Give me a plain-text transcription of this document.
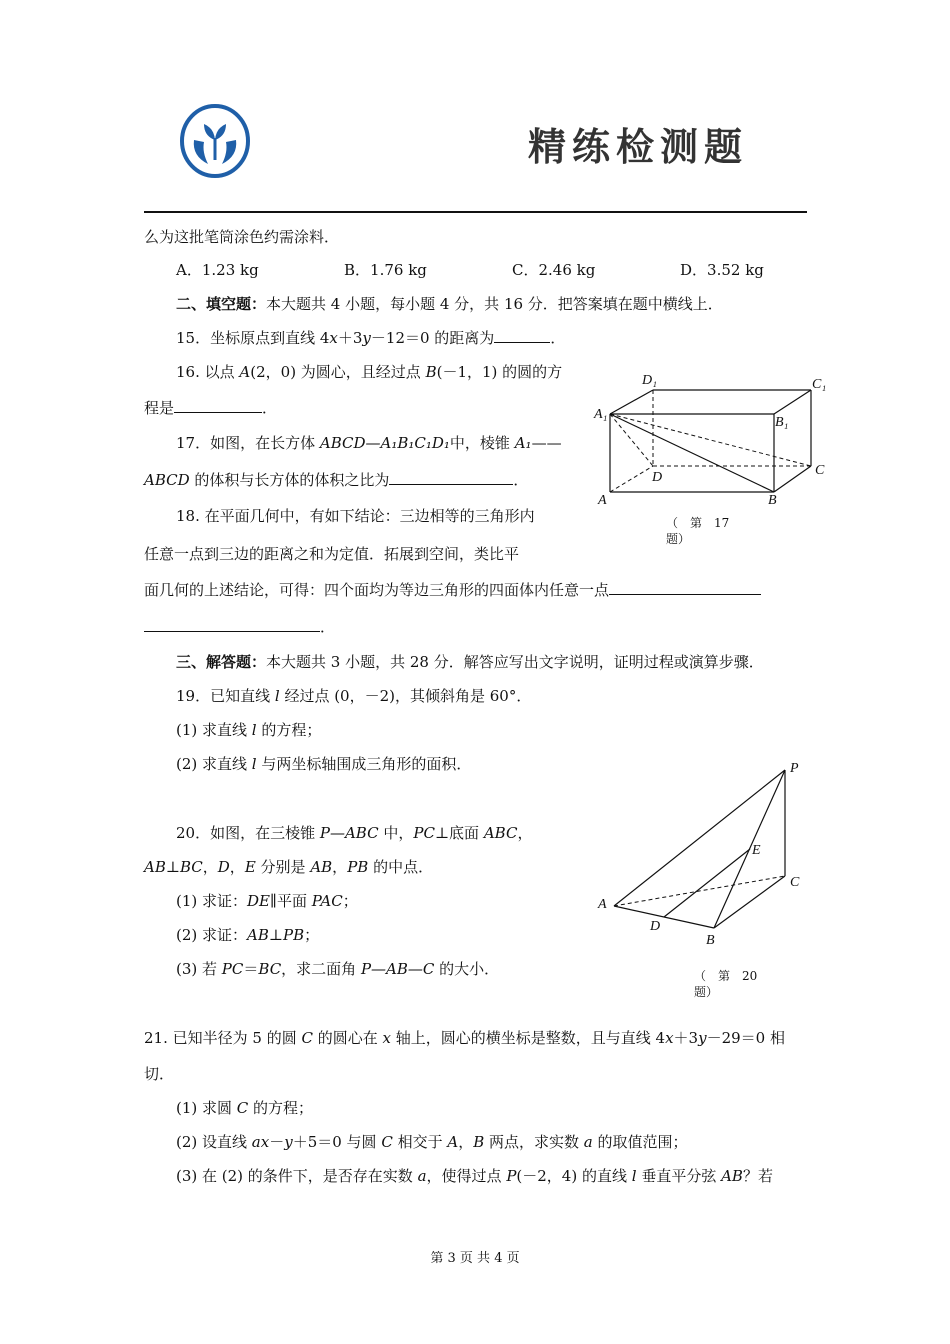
精练检测题
么为这批笔筒涂色约需涂料．
A．1.23 kg	B．1.76 kg	C．2.46 kg	D．3.52 kg
二、填空题：本大题共 4 小题，每小题 4 分，共 16 分．把答案填在题中横线上．
15．坐标原点到直线 4x＋3y－12＝0 的距离为	．
16. 以点 A(2，0) 为圆心，且经过点 B(－1，1) 的圆的方
程是	．
17．如图，在长方体 ABCD—A₁B₁C₁D₁中，棱锥 A₁——
ABCD 的体积与长方体的体积之比为	．
18. 在平面几何中，有如下结论：三边相等的三角形内
任意一点到三边的距离之和为定值．拓展到空间，类比平
面几何的上述结论，可得：四个面均为等边三角形的四面体内任意一点
．
D₁	C₁
A₁
B₁
D	C
A	B
（　第　17
题）
三、解答题：本大题共 3 小题，共 28 分．解答应写出文字说明，证明过程或演算步骤．
19．已知直线 l 经过点 (0，－2)，其倾斜角是 60°．
(1) 求直线 l 的方程；
(2) 求直线 l 与两坐标轴围成三角形的面积．
20．如图，在三棱锥 P—ABC 中，PC⊥底面 ABC，
AB⊥BC，D，E 分别是 AB，PB 的中点．
(1) 求证：DE∥平面 PAC；
(2) 求证：AB⊥PB；
(3) 若 PC＝BC，求二面角 P—AB—C 的大小．
P
E
C
A
D
B
（　第　20
题）
21. 已知半径为 5 的圆 C 的圆心在 x 轴上，圆心的横坐标是整数，且与直线 4x＋3y－29＝0 相
切．
(1) 求圆 C 的方程；
(2) 设直线 ax－y＋5＝0 与圆 C 相交于 A，B 两点，求实数 a 的取值范围；
(3) 在 (2) 的条件下，是否存在实数 a，使得过点 P(－2，4) 的直线 l 垂直平分弦 AB？若
第 3 页 共 4 页
